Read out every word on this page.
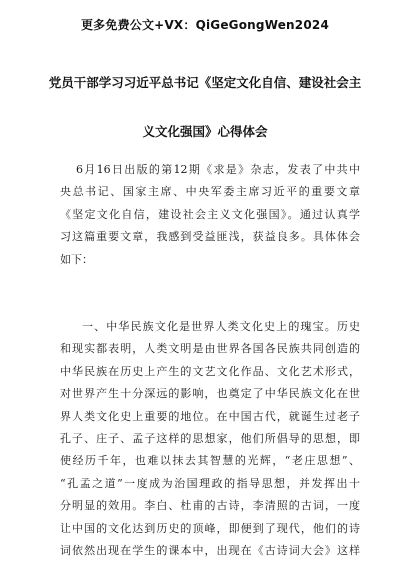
更多免费公文+VX：QiGeGongWen2024
党员干部学习习近平总书记《坚定文化自信、建设社会主
义文化强国》心得体会
6月16日出版的第12期《求是》杂志，发表了中共中
央总书记、国家主席、中央军委主席习近平的重要文章
《坚定文化自信，建设社会主义文化强国》。通过认真学
习这篇重要文章，我感到受益匪浅，获益良多。具体体会
如下：
一、中华民族文化是世界人类文化史上的瑰宝。历史
和现实都表明，人类文明是由世界各国各民族共同创造的
中华民族在历史上产生的文艺文化作品、文化艺术形式，
对世界产生十分深远的影响，也奠定了中华民族文化在世
界人类文化史上重要的地位。在中国古代，就诞生过老子
孔子、庄子、孟子这样的思想家，他们所倡导的思想，即
使经历千年，也难以抹去其智慧的光辉，“老庄思想”、
“孔孟之道”一度成为治国理政的指导思想，并发挥出十
分明显的效用。李白、杜甫的古诗，李清照的古词，一度
让中国的文化达到历史的顶峰，即便到了现代，他们的诗
词依然出现在学生的课本中，出现在《古诗词大会》这样
